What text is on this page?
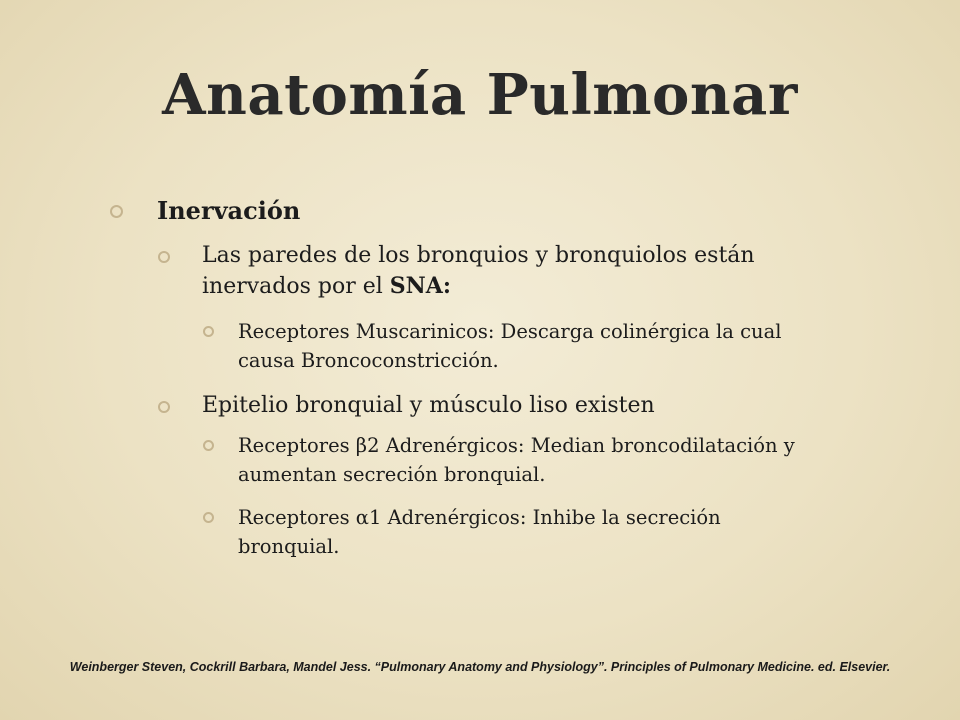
Anatomía Pulmonar
Inervación
Las paredes de los bronquios y bronquiolos están inervados por el SNA:
Receptores Muscarinicos: Descarga colinérgica la cual causa Broncoconstricción.
Epitelio bronquial y músculo liso existen
Receptores β2 Adrenérgicos: Median broncodilatación y aumentan secreción bronquial.
Receptores α1 Adrenérgicos: Inhibe la secreción bronquial.
Weinberger Steven, Cockrill Barbara, Mandel Jess. “Pulmonary Anatomy and Physiology”. Principles of Pulmonary Medicine. ed. Elsevier.
